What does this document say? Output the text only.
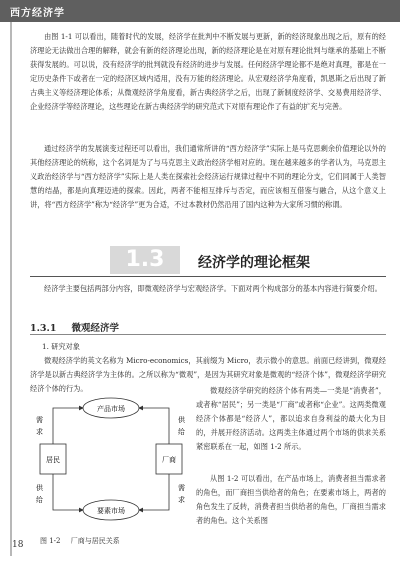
西方经济学

由图 1-1 可以看出，随着时代的发展，经济学在批判中不断发展与更新，新的经济现象出现之后，原有的经济理论无法做出合理的解释，就会有新的经济理论出现，新的经济理论是在对原有理论批判与继承的基础上不断获得发展的。可以说，没有经济学的批判就没有经济的进步与发展。任何经济学理论都不是绝对真理，都是在一定历史条件下或者在一定的经济区域内适用，没有万能的经济理论。从宏观经济学角度看，凯恩斯之后出现了新古典主义等经济理论体系；从微观经济学角度看，新古典经济学之后，出现了新制度经济学、交易费用经济学、企业经济学等经济理论，这些理论在新古典经济学的研究范式下对原有理论作了有益的扩充与完善。

通过经济学的发展演变过程还可以看出，我们通常所讲的“西方经济学”实际上是马克思剩余价值理论以外的其他经济理论的统称，这个名词是为了与马克思主义政治经济学相对应的。现在越来越多的学者认为，马克思主义政治经济学与“西方经济学”实际上是人类在探索社会经济运行规律过程中不同的理论分支，它们同属于人类智慧的结晶，都是向真理迈进的探索。因此，两者不能相互排斥与否定，而应该相互借鉴与融合，从这个意义上讲，将“西方经济学”称为“经济学”更为合适，不过本教材仍然沿用了国内这种为大家所习惯的称谓。

1.3	经济学的理论框架

经济学主要包括两部分内容，即微观经济学与宏观经济学。下面对两个构成部分的基本内容进行简要介绍。

1.3.1 微观经济学
1. 研究对象

微观经济学的英文名称为 Micro-economics，其前缀为 Micro，表示微小的意思。前面已经讲到，微观经济学是以新古典经济学为主体的。之所以称为“微观”，是因为其研究对象是微观的“经济个体”，微观经济学研究经济个体的行为。	微观经济学研究的经济个体有两类—一类是“消费者”，或者称“居民”；另一类是“厂商”或者称“企业”。这两类微观经济个体都是“经济人”，都以追求自身利益的最大化为目的，并展开经济活动。这两类主体通过两个市场的供求关系紧密联系在一起，如图 1-2 所示。

从图 1-2 可以看出，在产品市场上，消费者担当需求者的角色，而厂商担当供给者的角色；在要素市场上，两者的角色发生了反转，消费者担当供给者的角色，厂商担当需求者的角色。这个关系图

产品市场
要素市场
居民	厂商
需
求
供
给
供
给
需
求
图 1-2 厂商与居民关系
18
